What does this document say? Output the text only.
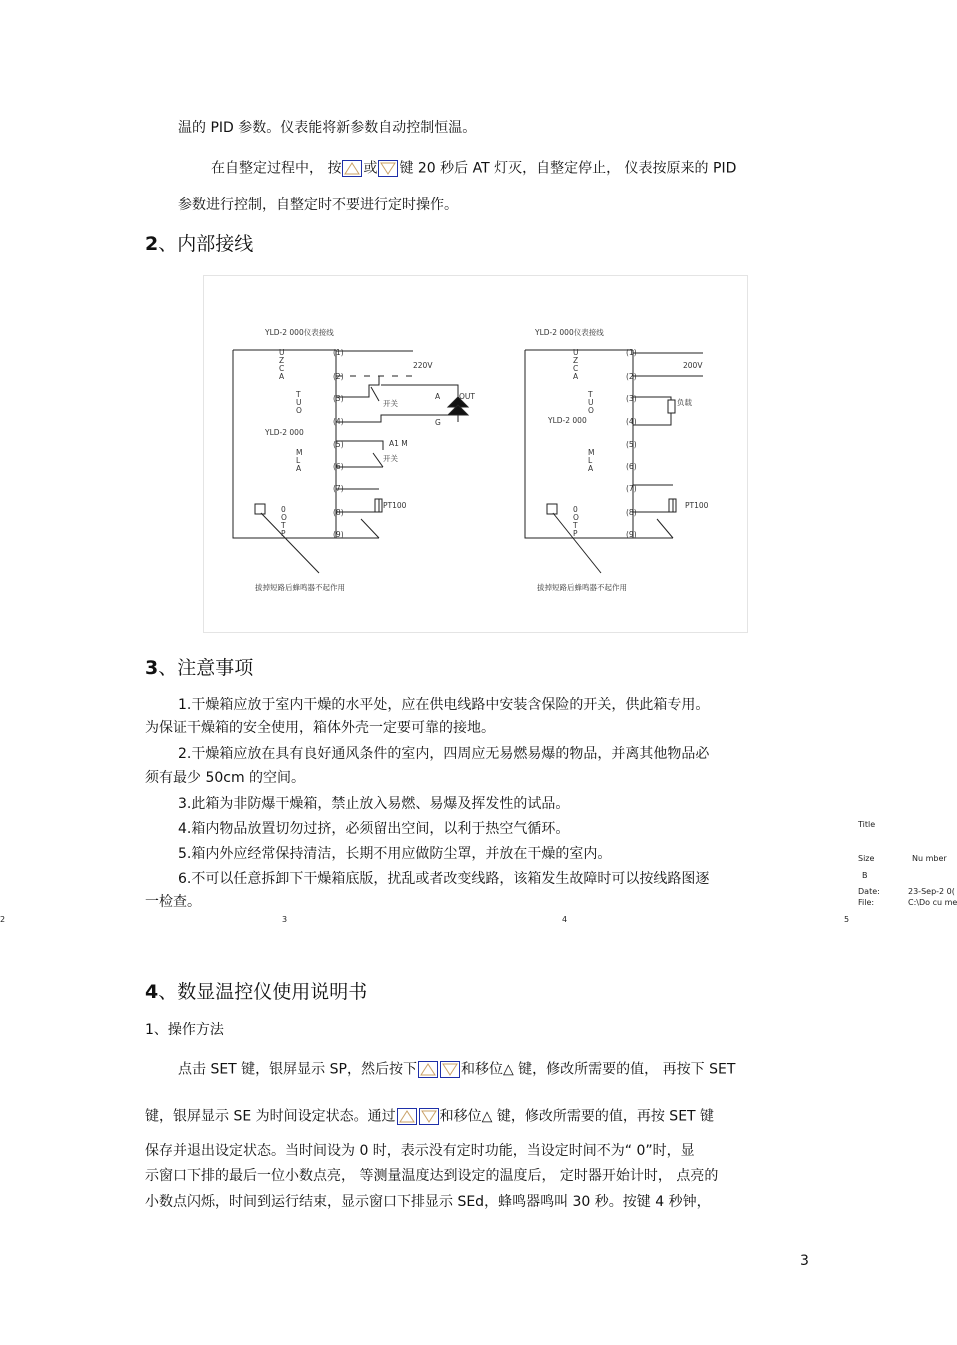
温的 PID 参数。仪表能将新参数自动控制恒温。
在自整定过程中， 按 或 键 20 秒后 AT 灯灭，自整定停止， 仪表按原来的 PID
参数进行控制，自整定时不要进行定时操作。
2、内部接线
YLD-2 000仪表接线
U
Z
C
A
T
U
O
YLD-2 000
M
L
A
0
O
T
P
(1)
(2)
(3)
(4)
(5)
(6)
(7)
(8)
(9)
220V
开关
A	OUT
G
A1 M
开关
PT100
拔掉短路后蜂鸣器不起作用
YLD-2 000仪表接线
U
Z
C
A
T
U
O
YLD-2 000
M
L
A
0
O
T
P
(1)
(2)
(3)
(4)
(5)
(6)
(7)
(8)
(9)
200V
负载
PT100
拔掉短路后蜂鸣器不起作用
3、注意事项
1.干燥箱应放于室内干燥的水平处，应在供电线路中安装含保险的开关，供此箱专用。
为保证干燥箱的安全使用，箱体外壳一定要可靠的接地。
2.干燥箱应放在具有良好通风条件的室内，四周应无易燃易爆的物品，并离其他物品必
须有最少 50cm 的空间。
3.此箱为非防爆干燥箱，禁止放入易燃、易爆及挥发性的试品。
4.箱内物品放置切勿过挤，必须留出空间，以利于热空气循环。
5.箱内外应经常保持清洁，长期不用应做防尘罩，并放在干燥的室内。
6.不可以任意拆卸下干燥箱底版，扰乱或者改变线路，该箱发生故障时可以按线路图逐
一检查。
Title
Size	Nu mber
B
Date:	23-Sep-2 0(
File:	C:\Do cu me
2	3	4	5
4、数显温控仪使用说明书
1、操作方法
点击 SET 键，银屏显示 SP，然后按下	和移位△ 键，修改所需要的值， 再按下 SET
键，银屏显示 SE 为时间设定状态。通过	和移位△ 键，修改所需要的值，再按 SET 键
保存并退出设定状态。当时间设为 0 时，表示没有定时功能，当设定时间不为“ 0”时，显
示窗口下排的最后一位小数点亮， 等测量温度达到设定的温度后， 定时器开始计时， 点亮的
小数点闪烁，时间到运行结束，显示窗口下排显示 SEd，蜂鸣器鸣叫 30 秒。按键 4 秒钟，
3
